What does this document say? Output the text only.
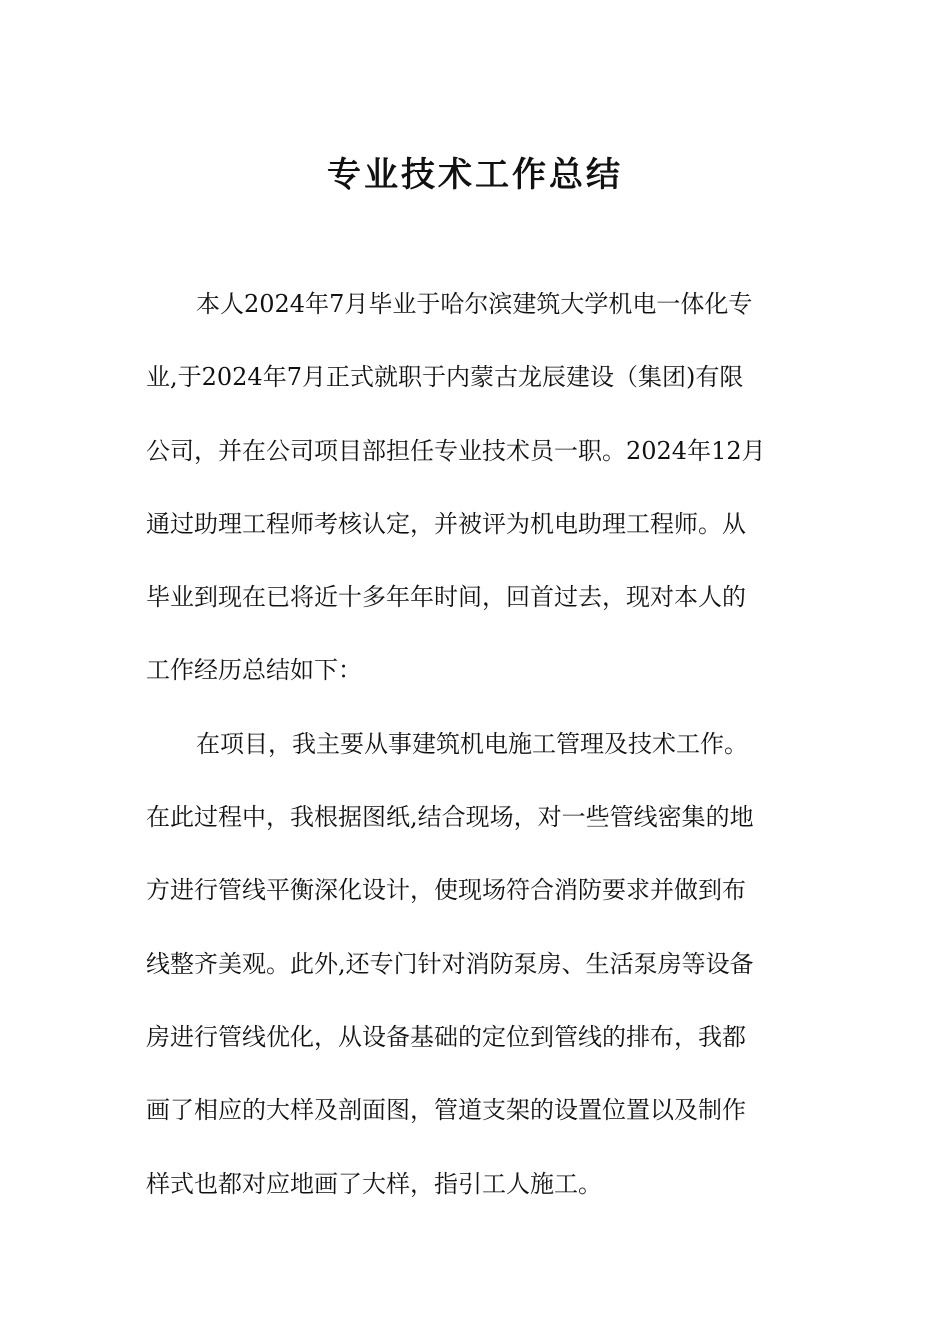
专业技术工作总结
本人2024年7月毕业于哈尔滨建筑大学机电一体化专
业,于2024年7月正式就职于内蒙古龙辰建设（集团)有限
公司，并在公司项目部担任专业技术员一职。2024年12月
通过助理工程师考核认定，并被评为机电助理工程师。从
毕业到现在已将近十多年年时间，回首过去，现对本人的
工作经历总结如下：
在项目，我主要从事建筑机电施工管理及技术工作。
在此过程中，我根据图纸,结合现场，对一些管线密集的地
方进行管线平衡深化设计，使现场符合消防要求并做到布
线整齐美观。此外,还专门针对消防泵房、生活泵房等设备
房进行管线优化，从设备基础的定位到管线的排布，我都
画了相应的大样及剖面图，管道支架的设置位置以及制作
样式也都对应地画了大样，指引工人施工。
